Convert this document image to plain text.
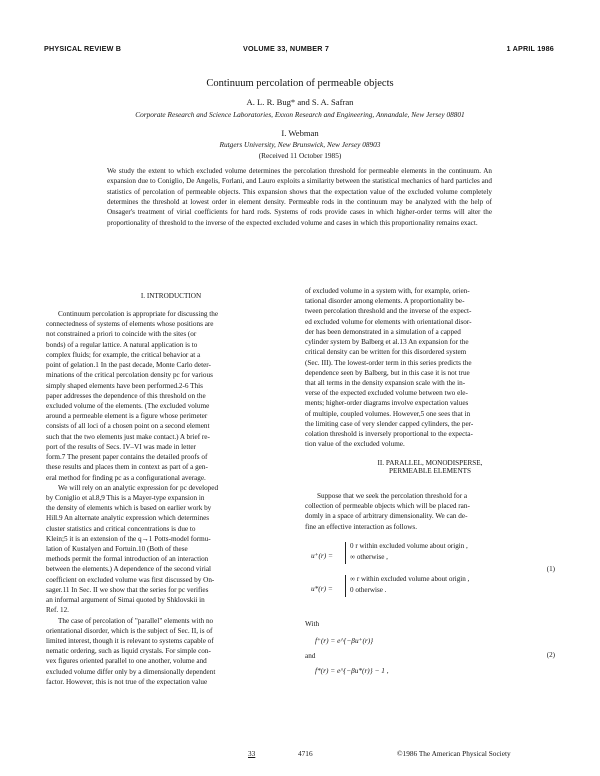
PHYSICAL REVIEW B	VOLUME 33, NUMBER 7	1 APRIL 1986
Continuum percolation of permeable objects
A. L. R. Bug* and S. A. Safran
Corporate Research and Science Laboratories, Exxon Research and Engineering, Annandale, New Jersey 08801
I. Webman
Rutgers University, New Brunswick, New Jersey 08903
(Received 11 October 1985)
We study the extent to which excluded volume determines the percolation threshold for permeable elements in the continuum. An expansion due to Coniglio, De Angelis, Forlani, and Lauro exploits a similarity between the statistical mechanics of hard particles and statistics of percolation of permeable objects. This expansion shows that the expectation value of the excluded volume completely determines the threshold at lowest order in element density. Permeable rods in the continuum may be analyzed with the help of Onsager's treatment of virial coefficients for hard rods. Systems of rods provide cases in which higher-order terms will alter the proportionality of threshold to the inverse of the expected excluded volume and cases in which this proportionality remains exact.
I. INTRODUCTION
Continuum percolation is appropriate for discussing the
connectedness of systems of elements whose positions are
not constrained a priori to coincide with the sites (or
bonds) of a regular lattice. A natural application is to
complex fluids; for example, the critical behavior at a
point of gelation.1 In the past decade, Monte Carlo deter-
minations of the critical percolation density pc for various
simply shaped elements have been performed.2-6 This
paper addresses the dependence of this threshold on the
excluded volume of the elements. (The excluded volume
around a permeable element is a figure whose perimeter
consists of all loci of a chosen point on a second element
such that the two elements just make contact.) A brief re-
port of the results of Secs. IV–VI was made in letter
form.7 The present paper contains the detailed proofs of
these results and places them in context as part of a gen-
eral method for finding pc as a configurational average.
We will rely on an analytic expression for pc developed
by Coniglio et al.8,9 This is a Mayer-type expansion in
the density of elements which is based on earlier work by
Hill.9 An alternate analytic expression which determines
cluster statistics and critical concentrations is due to
Klein;5 it is an extension of the q→1 Potts-model formu-
lation of Kustalyen and Fortuin.10 (Both of these
methods permit the formal introduction of an interaction
between the elements.) A dependence of the second virial
coefficient on excluded volume was first discussed by On-
sager.11 In Sec. II we show that the series for pc verifies
an informal argument of Simai quoted by Shklovskii in
Ref. 12.
The case of percolation of "parallel" elements with no
orientational disorder, which is the subject of Sec. II, is of
limited interest, though it is relevant to systems capable of
nematic ordering, such as liquid crystals. For simple con-
vex figures oriented parallel to one another, volume and
excluded volume differ only by a dimensionally dependent
factor. However, this is not true of the expectation value
of excluded volume in a system with, for example, orien-
tational disorder among elements. A proportionality be-
tween percolation threshold and the inverse of the expect-
ed excluded volume for elements with orientational disor-
der has been demonstrated in a simulation of a capped
cylinder system by Balberg et al.13 An expansion for the
critical density can be written for this disordered system
(Sec. III). The lowest-order term in this series predicts the
dependence seen by Balberg, but in this case it is not true
that all terms in the density expansion scale with the in-
verse of the expected excluded volume between two ele-
ments; higher-order diagrams involve expectation values
of multiple, coupled volumes. However,5 one sees that in
the limiting case of very slender capped cylinders, the per-
colation threshold is inversely proportional to the expecta-
tion value of the excluded volume.
II. PARALLEL, MONODISPERSE,
PERMEABLE ELEMENTS
Suppose that we seek the percolation threshold for a
collection of permeable objects which will be placed ran-
domly in a space of arbitrary dimensionality. We can de-
fine an effective interaction as follows.
u⁺(r) =
0 r within excluded volume about origin ,
∞ otherwise ,
u*(r) =
∞ r within excluded volume about origin ,
0 otherwise .
(1)
With
f⁺(r) = e^{−βu⁺(r)}
and	(2)
f*(r) = e^{−βu*(r)} − 1 ,
33	4716	©1986 The American Physical Society
